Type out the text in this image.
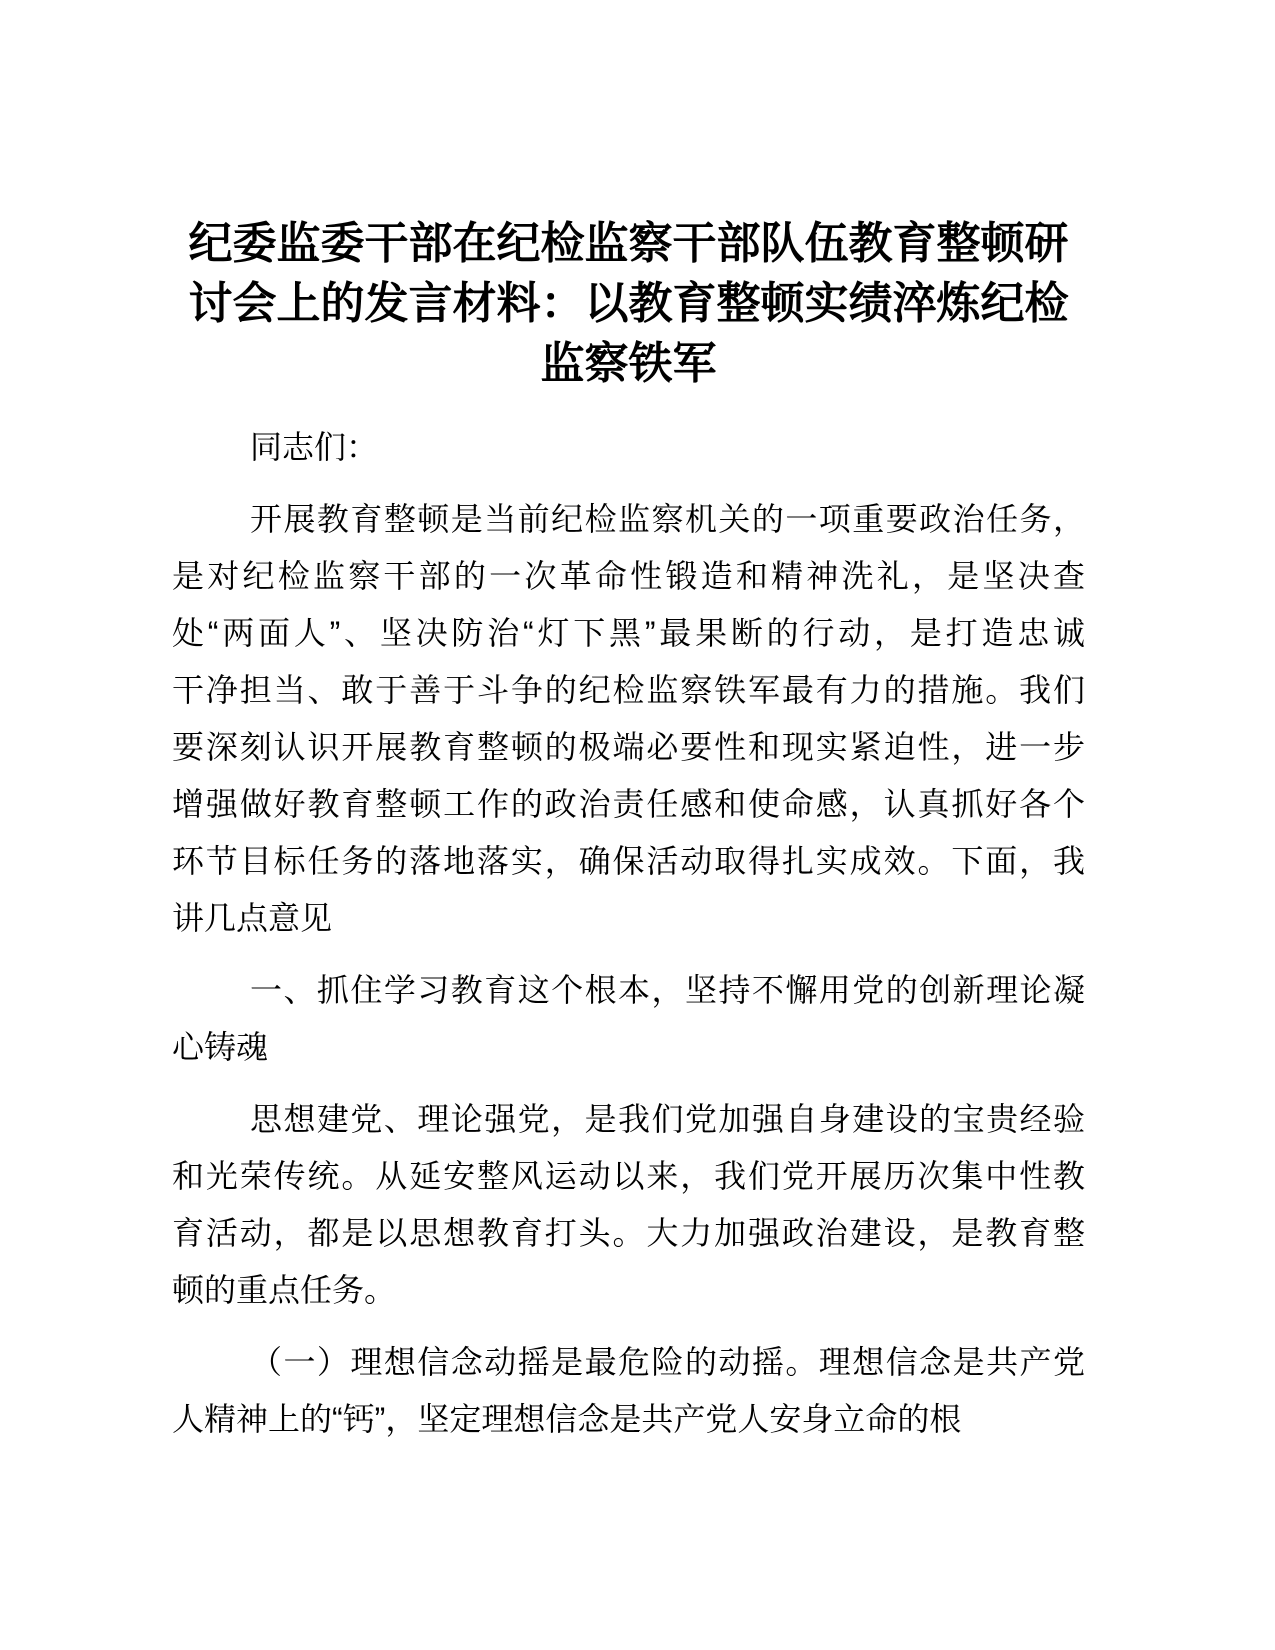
纪委监委干部在纪检监察干部队伍教育整顿研
讨会上的发言材料：以教育整顿实绩淬炼纪检
监察铁军
同志们：
开展教育整顿是当前纪检监察机关的一项重要政治任务，
是对纪检监察干部的一次革命性锻造和精神洗礼，是坚决查
处“两面人”、坚决防治“灯下黑”最果断的行动，是打造忠诚
干净担当、敢于善于斗争的纪检监察铁军最有力的措施。我们
要深刻认识开展教育整顿的极端必要性和现实紧迫性，进一步
增强做好教育整顿工作的政治责任感和使命感，认真抓好各个
环节目标任务的落地落实，确保活动取得扎实成效。下面，我
讲几点意见
一、抓住学习教育这个根本，坚持不懈用党的创新理论凝
心铸魂
思想建党、理论强党，是我们党加强自身建设的宝贵经验
和光荣传统。从延安整风运动以来，我们党开展历次集中性教
育活动，都是以思想教育打头。大力加强政治建设，是教育整
顿的重点任务。
（一）理想信念动摇是最危险的动摇。理想信念是共产党
人精神上的“钙”，坚定理想信念是共产党人安身立命的根
